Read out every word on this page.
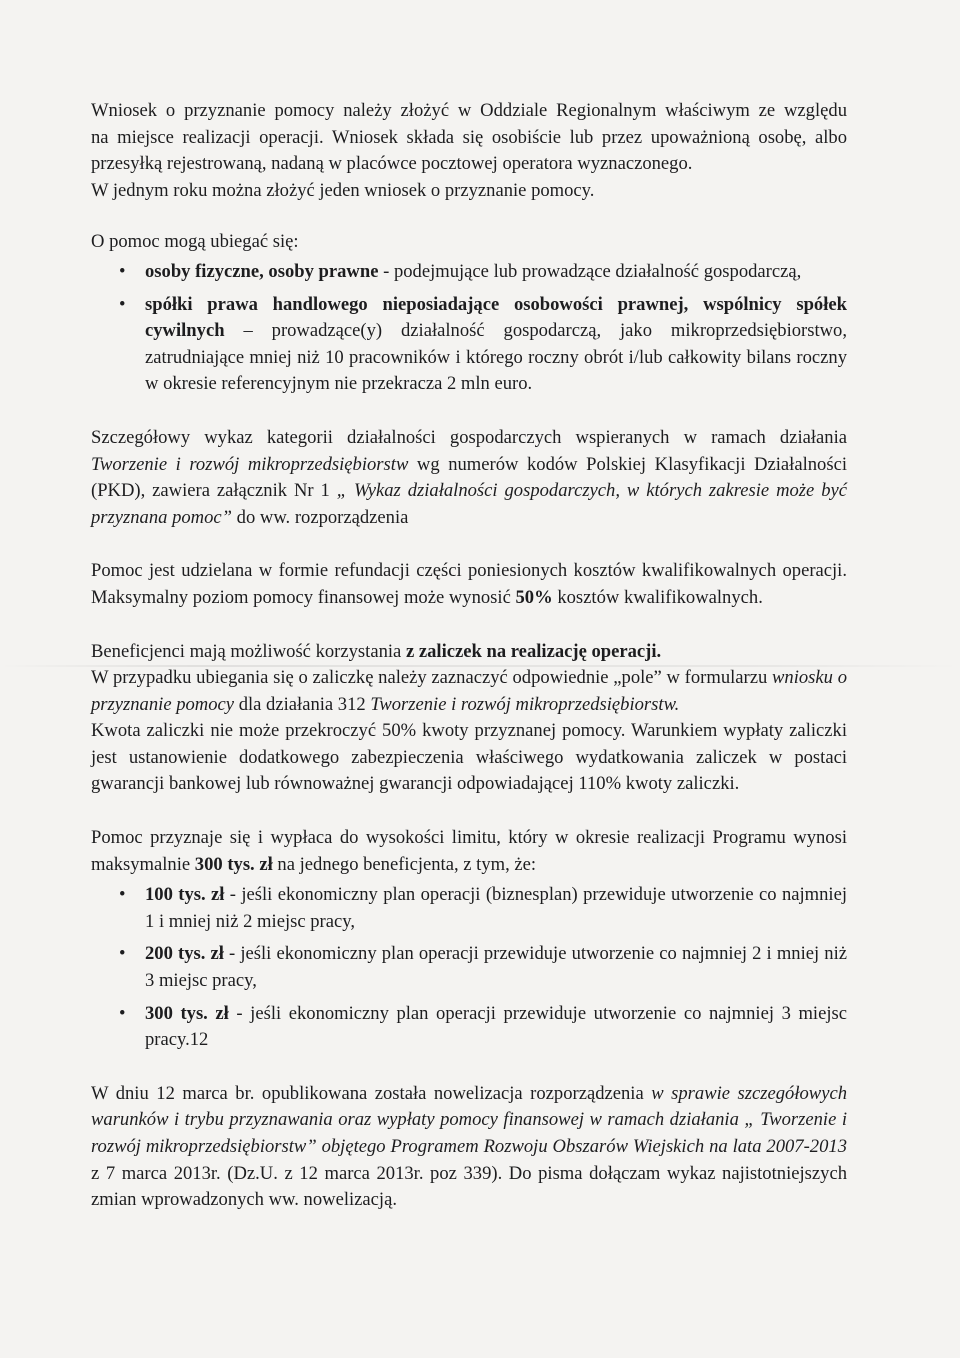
Wniosek o przyznanie pomocy należy złożyć w Oddziale Regionalnym właściwym ze względu

na miejsce realizacji operacji. Wniosek składa się osobiście lub przez upoważnioną osobę, albo

przesyłką rejestrowaną, nadaną w placówce pocztowej operatora wyznaczonego.

W jednym roku można złożyć jeden wniosek o przyznanie pomocy.

O pomoc mogą ubiegać się:

• osoby fizyczne, osoby prawne - podejmujące lub prowadzące działalność gospodarczą,
• spółki prawa handlowego nieposiadające osobowości prawnej, wspólnicy spółek cywilnych – prowadzące(y) działalność gospodarczą, jako mikroprzedsiębiorstwo, zatrudniające mniej niż 10 pracowników i którego roczny obrót i/lub całkowity bilans roczny w okresie referencyjnym nie przekracza 2 mln euro.

Szczegółowy wykaz kategorii działalności gospodarczych wspieranych w ramach działania Tworzenie i rozwój mikroprzedsiębiorstw wg numerów kodów Polskiej Klasyfikacji Działalności (PKD), zawiera załącznik Nr 1 „ Wykaz działalności gospodarczych, w których zakresie może być przyznana pomoc” do ww. rozporządzenia

Pomoc jest udzielana w formie refundacji części poniesionych kosztów kwalifikowalnych operacji. Maksymalny poziom pomocy finansowej może wynosić 50% kosztów kwalifikowalnych.

Beneficjenci mają możliwość korzystania z zaliczek na realizację operacji.

W przypadku ubiegania się o zaliczkę należy zaznaczyć odpowiednie „pole” w formularzu wniosku o przyznanie pomocy dla działania 312 Tworzenie i rozwój mikroprzedsiębiorstw.

Kwota zaliczki nie może przekroczyć 50% kwoty przyznanej pomocy. Warunkiem wypłaty zaliczki jest ustanowienie dodatkowego zabezpieczenia właściwego wydatkowania zaliczek w postaci gwarancji bankowej lub równoważnej gwarancji odpowiadającej 110% kwoty zaliczki.

Pomoc przyznaje się i wypłaca do wysokości limitu, który w okresie realizacji Programu wynosi maksymalnie 300 tys. zł na jednego beneficjenta, z tym, że:

• 100 tys. zł - jeśli ekonomiczny plan operacji (biznesplan) przewiduje utworzenie co najmniej 1 i mniej niż 2 miejsc pracy,
• 200 tys. zł - jeśli ekonomiczny plan operacji przewiduje utworzenie co najmniej 2 i mniej niż 3 miejsc pracy,
• 300 tys. zł - jeśli ekonomiczny plan operacji przewiduje utworzenie co najmniej 3 miejsc pracy.12

W dniu 12 marca br. opublikowana została nowelizacja rozporządzenia w sprawie szczegółowych warunków i trybu przyznawania oraz wypłaty pomocy finansowej w ramach działania „ Tworzenie i rozwój mikroprzedsiębiorstw” objętego Programem Rozwoju Obszarów Wiejskich na lata 2007-2013 z 7 marca 2013r. (Dz.U. z 12 marca 2013r. poz 339). Do pisma dołączam wykaz najistotniejszych zmian wprowadzonych ww. nowelizacją.
